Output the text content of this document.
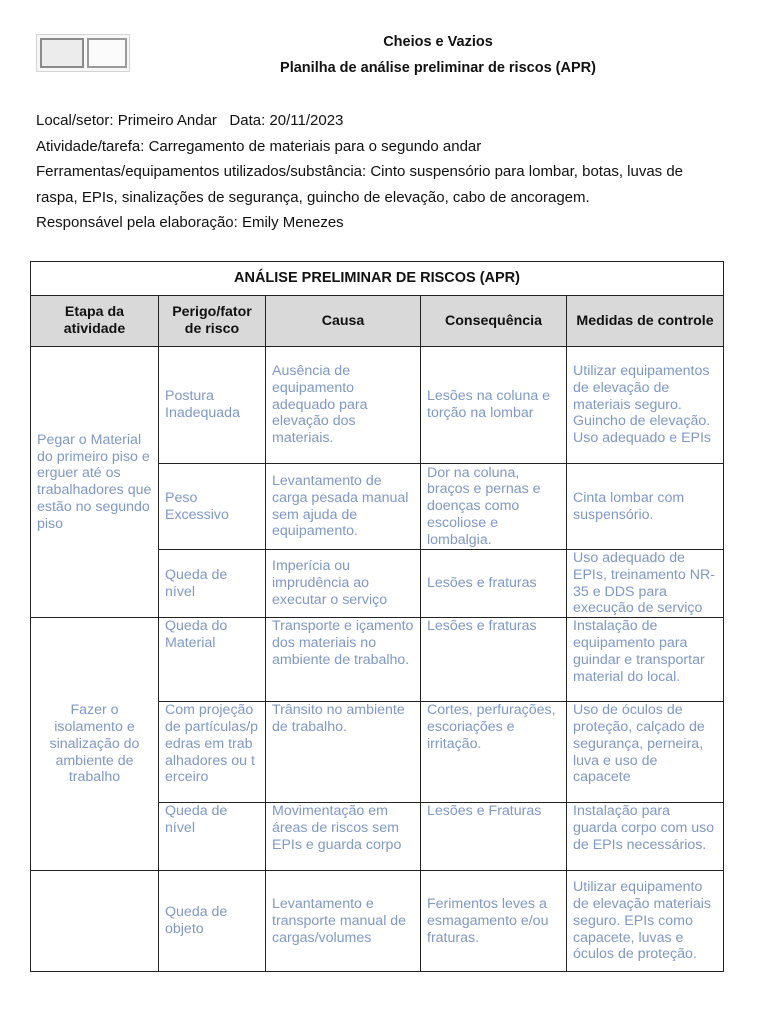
Cheios e Vazios
Planilha de análise preliminar de riscos (APR)
Local/setor: Primeiro Andar   Data: 20/11/2023
Atividade/tarefa: Carregamento de materiais para o segundo andar
Ferramentas/equipamentos utilizados/substância: Cinto suspensório para lombar, botas, luvas de
raspa, EPIs, sinalizações de segurança, guincho de elevação, cabo de ancoragem.
Responsável pela elaboração: Emily Menezes
ANÁLISE PRELIMINAR DE RISCOS (APR)				
Etapa da atividade	Perigo/fator de risco	Causa	Consequência	Medidas de controle
Pegar o Material do primeiro piso e erguer até os trabalhadores que estão no segundo piso	Postura Inadequada	Ausência de equipamento adequado para elevação dos materiais.	Lesões na coluna e torção na lombar	Utilizar equipamentos de elevação de materiais seguro. Guincho de elevação. Uso adequado e EPIs
	Peso Excessivo	Levantamento de carga pesada manual sem ajuda de equipamento.	Dor na coluna, braços e pernas e doenças como escoliose e lombalgia.	Cinta lombar com suspensório.
	Queda de nível	Imperícia ou imprudência ao executar o serviço	Lesões e fraturas	Uso adequado de EPIs, treinamento NR-35 e DDS para execução de serviço
Fazer o isolamento e sinalização do ambiente de trabalho	Queda do Material	Transporte e içamento dos materiais no ambiente de trabalho.	Lesões e fraturas	Instalação de equipamento para guindar e transportar material do local.
	Com projeção de partículas/pedras em trabalhadores ou terceiro	Trânsito no ambiente de trabalho.	Cortes, perfurações, escoriações e irritação.	Uso de óculos de proteção, calçado de segurança, perneira, luva e uso de capacete
	Queda de nível	Movimentação em áreas de riscos sem EPIs e guarda corpo	Lesões e Fraturas	Instalação para guarda corpo com uso de EPIs necessários.
	Queda de objeto	Levantamento e transporte manual de cargas/volumes	Ferimentos leves a esmagamento e/ou fraturas.	Utilizar equipamento de elevação materiais seguro. EPIs como capacete, luvas e óculos de proteção.
